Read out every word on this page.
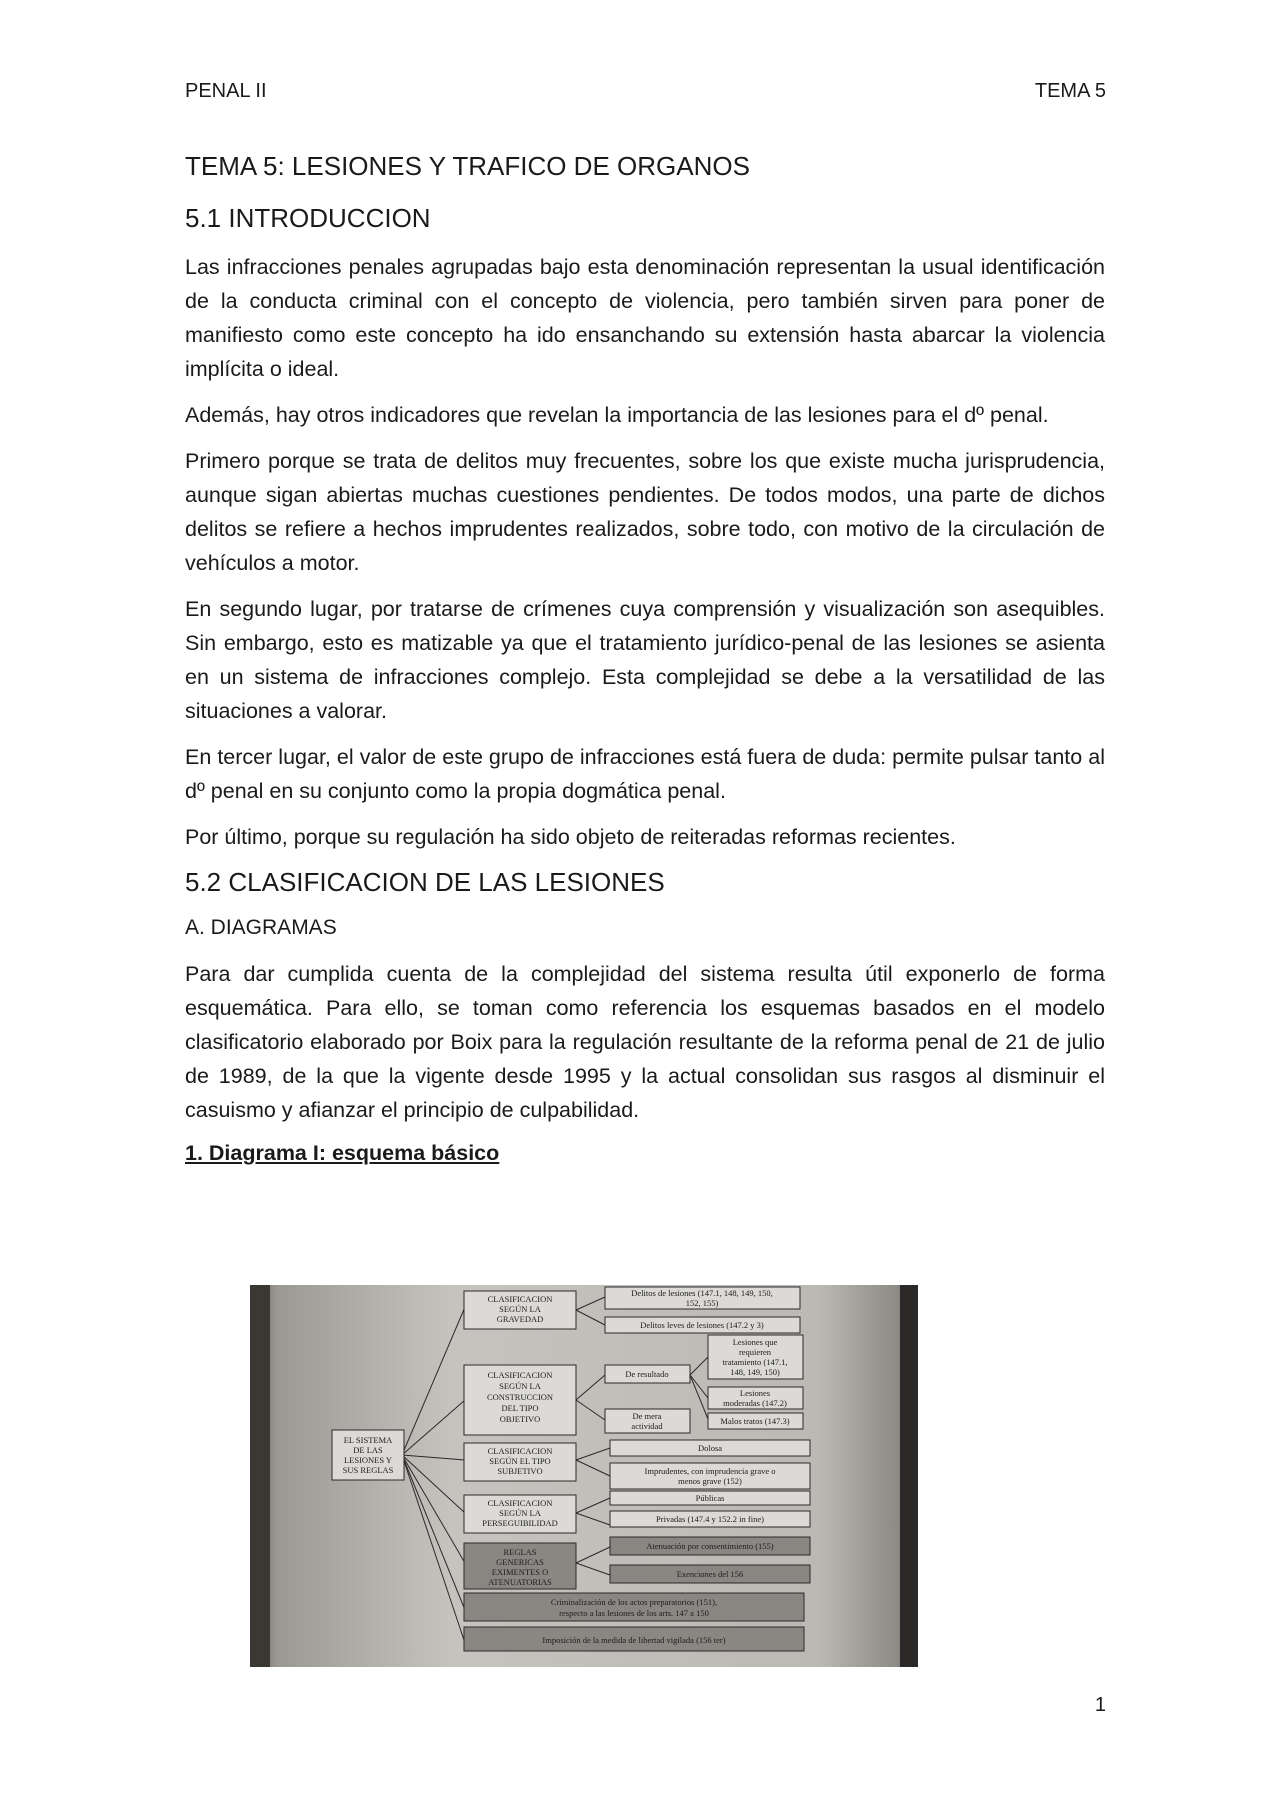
PENAL II	TEMA 5
TEMA 5: LESIONES Y TRAFICO DE ORGANOS
5.1 INTRODUCCION

Las infracciones penales agrupadas bajo esta denominación representan la usual identificación de la conducta criminal con el concepto de violencia, pero también sirven para poner de manifiesto como este concepto ha ido ensanchando su extensión hasta abarcar la violencia implícita o ideal.

Además, hay otros indicadores que revelan la importancia de las lesiones para el dº penal.

Primero porque se trata de delitos muy frecuentes, sobre los que existe mucha jurisprudencia, aunque sigan abiertas muchas cuestiones pendientes. De todos modos, una parte de dichos delitos se refiere a hechos imprudentes realizados, sobre todo, con motivo de la circulación de vehículos a motor.

En segundo lugar, por tratarse de crímenes cuya comprensión y visualización son asequibles. Sin embargo, esto es matizable ya que el tratamiento jurídico-penal de las lesiones se asienta en un sistema de infracciones complejo. Esta complejidad se debe a la versatilidad de las situaciones a valorar.

En tercer lugar, el valor de este grupo de infracciones está fuera de duda: permite pulsar tanto al dº penal en su conjunto como la propia dogmática penal.

Por último, porque su regulación ha sido objeto de reiteradas reformas recientes.

5.2 CLASIFICACION DE LAS LESIONES
A. DIAGRAMAS

Para dar cumplida cuenta de la complejidad del sistema resulta útil exponerlo de forma esquemática. Para ello, se toman como referencia los esquemas basados en el modelo clasificatorio elaborado por Boix para la regulación resultante de la reforma penal de 21 de julio de 1989, de la que la vigente desde 1995 y la actual consolidan sus rasgos al disminuir el casuismo y afianzar el principio de culpabilidad.

1. Diagrama I: esquema básico
EL SISTEMA
DE LAS
LESIONES Y
SUS REGLAS
CLASIFICACION
SEGÚN LA
GRAVEDAD
CLASIFICACION
SEGÚN LA
CONSTRUCCION
DEL TIPO
OBJETIVO
CLASIFICACION
SEGÚN EL TIPO
SUBJETIVO
CLASIFICACION
SEGÚN LA
PERSEGUIBILIDAD
REGLAS
GENERICAS
EXIMENTES O
ATENUATORIAS
Delitos de lesiones (147.1, 148, 149, 150,
152, 155)
Delitos leves de lesiones (147.2 y 3)
De resultado
De mera
actividad
Lesiones que
requieren
tratamiento (147.1,
148, 149, 150)
Lesiones
moderadas (147.2)
Malos tratos (147.3)
Dolosa
Imprudentes, con imprudencia grave o
menos grave (152)
Públicas
Privadas (147.4 y 152.2 in fine)
Atenuación por consentimiento (155)
Exenciones del 156
Criminalización de los actos preparatorios (151),
respecto a las lesiones de los arts. 147 a 150
Imposición de la medida de libertad vigilada (156 ter)
1
